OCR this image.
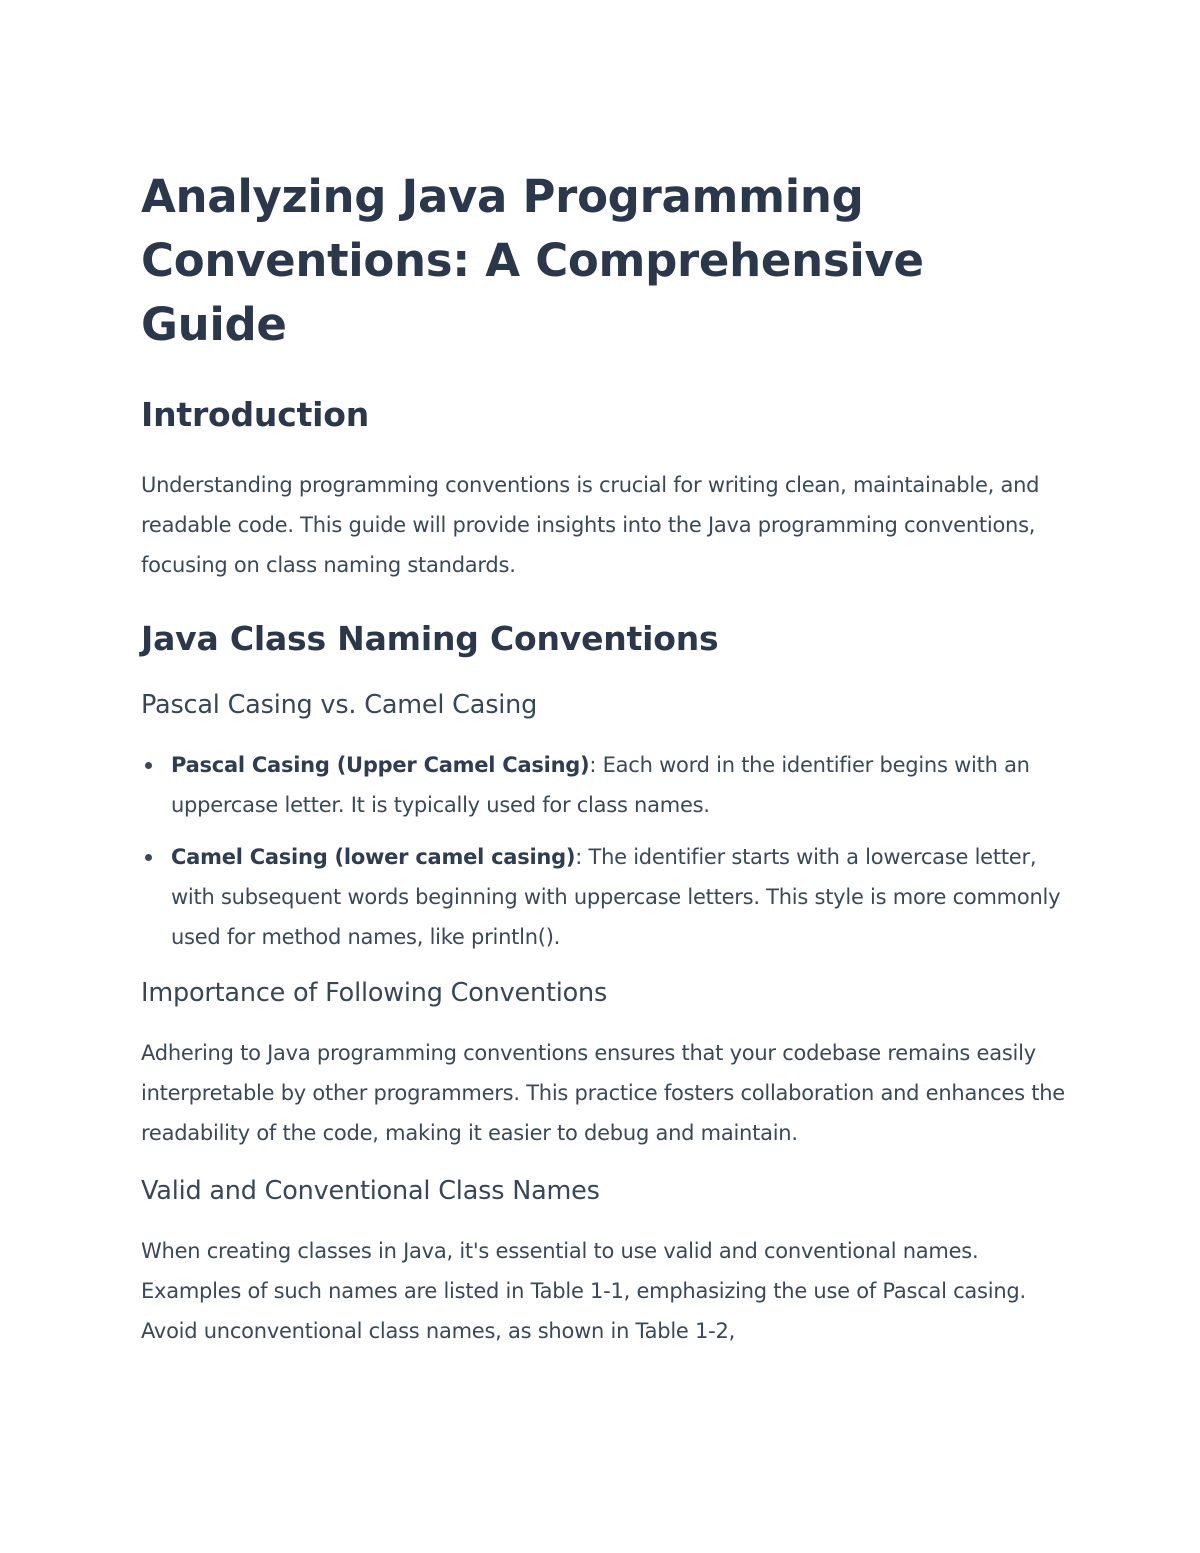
Analyzing Java Programming Conventions: A Comprehensive Guide
Introduction

Understanding programming conventions is crucial for writing clean, maintainable, and readable code. This guide will provide insights into the Java programming conventions, focusing on class naming standards.

Java Class Naming Conventions
Pascal Casing vs. Camel Casing
Pascal Casing (Upper Camel Casing): Each word in the identifier begins with an uppercase letter. It is typically used for class names.
Camel Casing (lower camel casing): The identifier starts with a lowercase letter, with subsequent words beginning with uppercase letters. This style is more commonly used for method names, like println().
Importance of Following Conventions

Adhering to Java programming conventions ensures that your codebase remains easily interpretable by other programmers. This practice fosters collaboration and enhances the readability of the code, making it easier to debug and maintain.

Valid and Conventional Class Names

When creating classes in Java, it's essential to use valid and conventional names. Examples of such names are listed in Table 1-1, emphasizing the use of Pascal casing. Avoid unconventional class names, as shown in Table 1-2,
